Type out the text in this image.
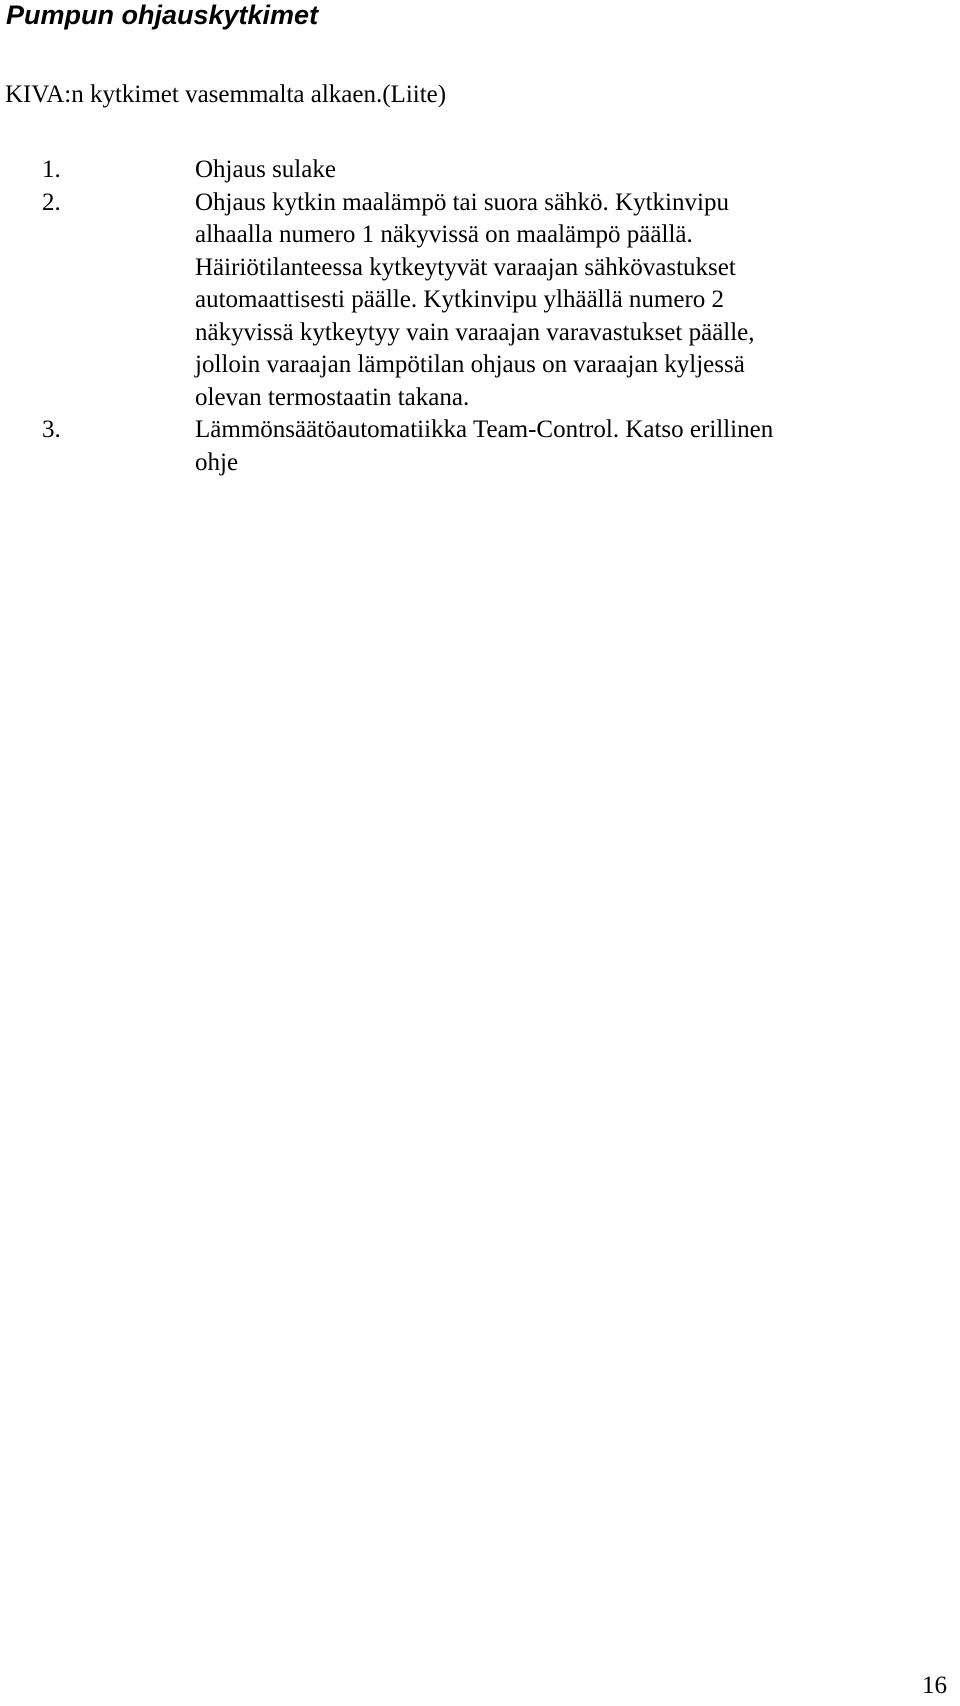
Pumpun ohjauskytkimet

KIVA:n kytkimet vasemmalta alkaen.(Liite)

1.	Ohjaus sulake
2.	Ohjaus kytkin maalämpö tai suora sähkö. Kytkinvipu
alhaalla numero 1 näkyvissä on maalämpö päällä.
Häiriötilanteessa kytkeytyvät varaajan sähkövastukset
automaattisesti päälle. Kytkinvipu ylhäällä numero 2
näkyvissä kytkeytyy vain varaajan varavastukset päälle,
jolloin varaajan lämpötilan ohjaus on varaajan kyljessä
olevan termostaatin takana.
3.	Lämmönsäätöautomatiikka Team-Control. Katso erillinen
ohje
16
